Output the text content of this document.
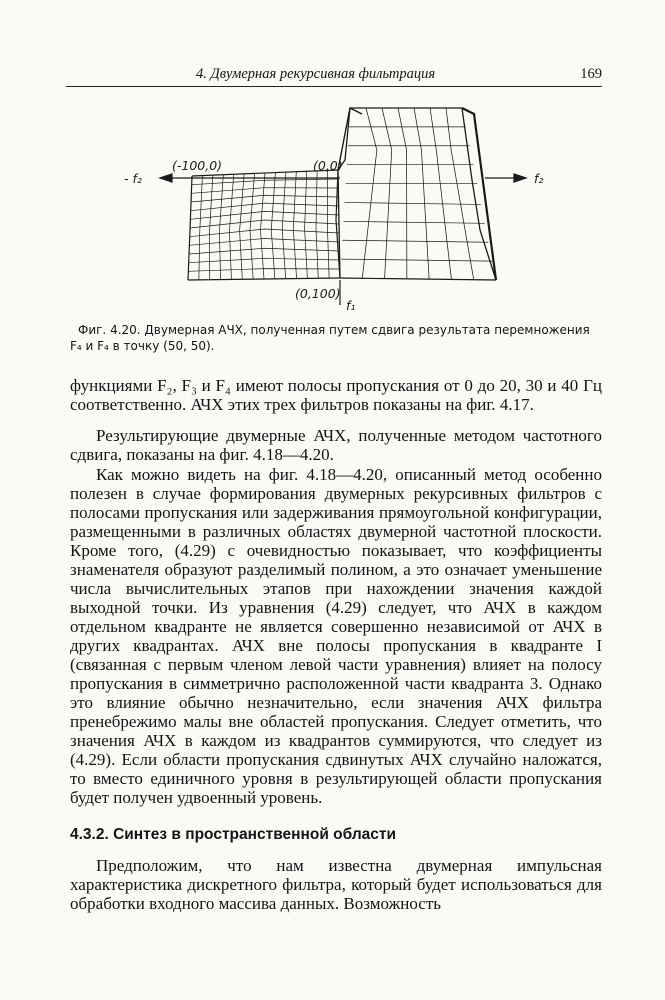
4. Двумерная рекурсивная фильтрация	169
- f₂	f₂
f₁
(-100,0)	(0,0)
(0,100)
Фиг. 4.20. Двумерная АЧХ, полученная путем сдвига результата перемножения F₄ и F₄ в точку (50, 50).

функциями F₂, F₃ и F₄ имеют полосы пропускания от 0 до 20, 30 и 40 Гц соответственно. АЧХ этих трех фильтров показаны на фиг. 4.17.

Результирующие двумерные АЧХ, полученные методом частотного сдвига, показаны на фиг. 4.18—4.20.

Как можно видеть на фиг. 4.18—4.20, описанный метод особенно полезен в случае формирования двумерных рекурсивных фильтров с полосами пропускания или задерживания прямоугольной конфигурации, размещенными в различных областях двумерной частотной плоскости. Кроме того, (4.29) с очевидностью показывает, что коэффициенты знаменателя образуют разделимый полином, а это означает уменьшение числа вычислительных этапов при нахождении значения каждой выходной точки. Из уравнения (4.29) следует, что АЧХ в каждом отдельном квадранте не является совершенно независимой от АЧХ в других квадрантах. АЧХ вне полосы пропускания в квадранте I (связанная с первым членом левой части уравнения) влияет на полосу пропускания в симметрично расположенной части квадранта 3. Однако это влияние обычно незначительно, если значения АЧХ фильтра пренебрежимо малы вне областей пропускания. Следует отметить, что значения АЧХ в каждом из квадрантов суммируются, что следует из (4.29). Если области пропускания сдвинутых АЧХ случайно наложатся, то вместо единичного уровня в результирующей области пропускания будет получен удвоенный уровень.

4.3.2. Синтез в пространственной области

Предположим, что нам известна двумерная импульсная характеристика дискретного фильтра, который будет использоваться для обработки входного массива данных. Возможность
